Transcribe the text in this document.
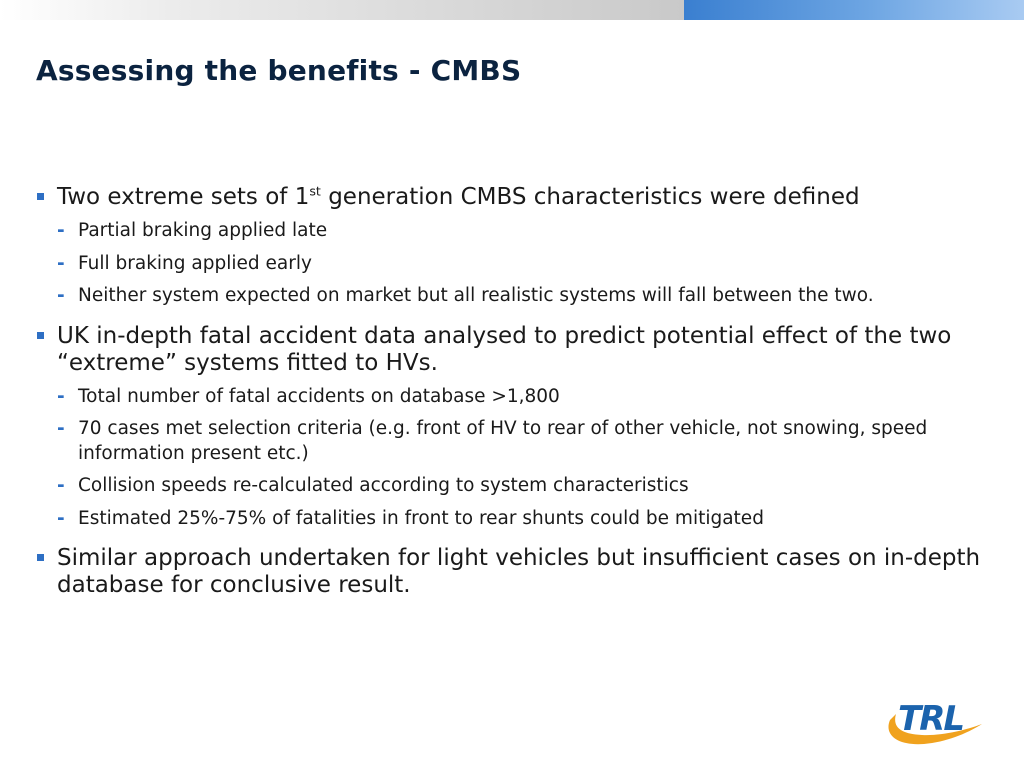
Assessing the benefits - CMBS

Two extreme sets of 1st generation CMBS characteristics were defined

- Partial braking applied late

- Full braking applied early

- Neither system expected on market but all realistic systems will fall between the two.

UK in-depth fatal accident data analysed to predict potential effect of the two “extreme” systems fitted to HVs.

- Total number of fatal accidents on database >1,800

- 70 cases met selection criteria (e.g. front of HV to rear of other vehicle, not snowing, speed information present etc.)

- Collision speeds re-calculated according to system characteristics

- Estimated 25%-75% of fatalities in front to rear shunts could be mitigated

Similar approach undertaken for light vehicles but insufficient cases on in-depth database for conclusive result.

TRL
